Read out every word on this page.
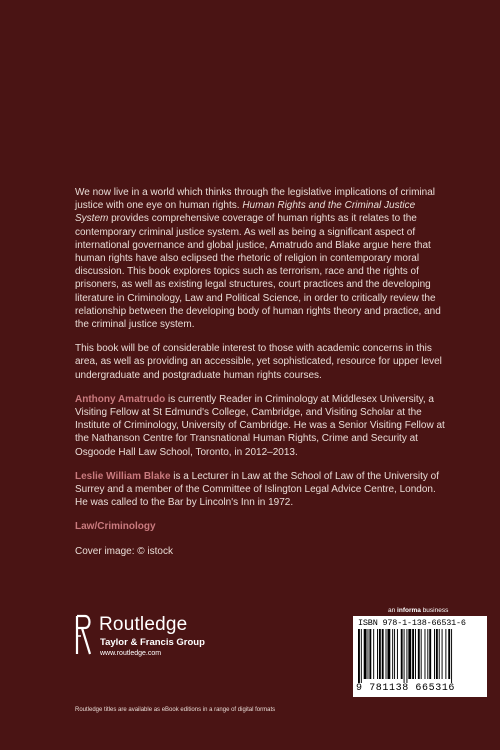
We now live in a world which thinks through the legislative implications of criminal justice with one eye on human rights. Human Rights and the Criminal Justice System provides comprehensive coverage of human rights as it relates to the contemporary criminal justice system. As well as being a significant aspect of international governance and global justice, Amatrudo and Blake argue here that human rights have also eclipsed the rhetoric of religion in contemporary moral discussion. This book explores topics such as terrorism, race and the rights of prisoners, as well as existing legal structures, court practices and the developing literature in Criminology, Law and Political Science, in order to critically review the relationship between the developing body of human rights theory and practice, and the criminal justice system.

This book will be of considerable interest to those with academic concerns in this area, as well as providing an accessible, yet sophisticated, resource for upper level undergraduate and postgraduate human rights courses.

Anthony Amatrudo is currently Reader in Criminology at Middlesex University, a Visiting Fellow at St Edmund's College, Cambridge, and Visiting Scholar at the Institute of Criminology, University of Cambridge. He was a Senior Visiting Fellow at the Nathanson Centre for Transnational Human Rights, Crime and Security at Osgoode Hall Law School, Toronto, in 2012–2013.

Leslie William Blake is a Lecturer in Law at the School of Law of the University of Surrey and a member of the Committee of Islington Legal Advice Centre, London. He was called to the Bar by Lincoln's Inn in 1972.

Law/Criminology

Cover image: © istock

Routledge
Taylor & Francis Group
www.routledge.com
an informa business
ISBN 978-1-138-66531-6
9 781138 665316
Routledge titles are available as eBook editions in a range of digital formats
